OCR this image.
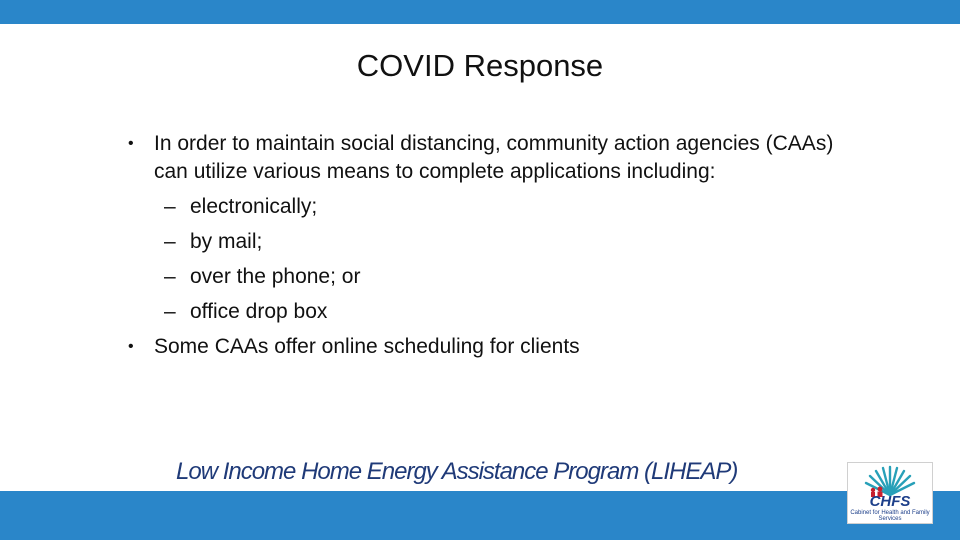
COVID Response
• In order to maintain social distancing, community action agencies (CAAs) can utilize various means to complete applications including:
– electronically;
– by mail;
– over the phone; or
– office drop box
• Some CAAs offer online scheduling for clients
Low Income Home Energy Assistance Program (LIHEAP)
CHFS
Cabinet for Health and Family Services
